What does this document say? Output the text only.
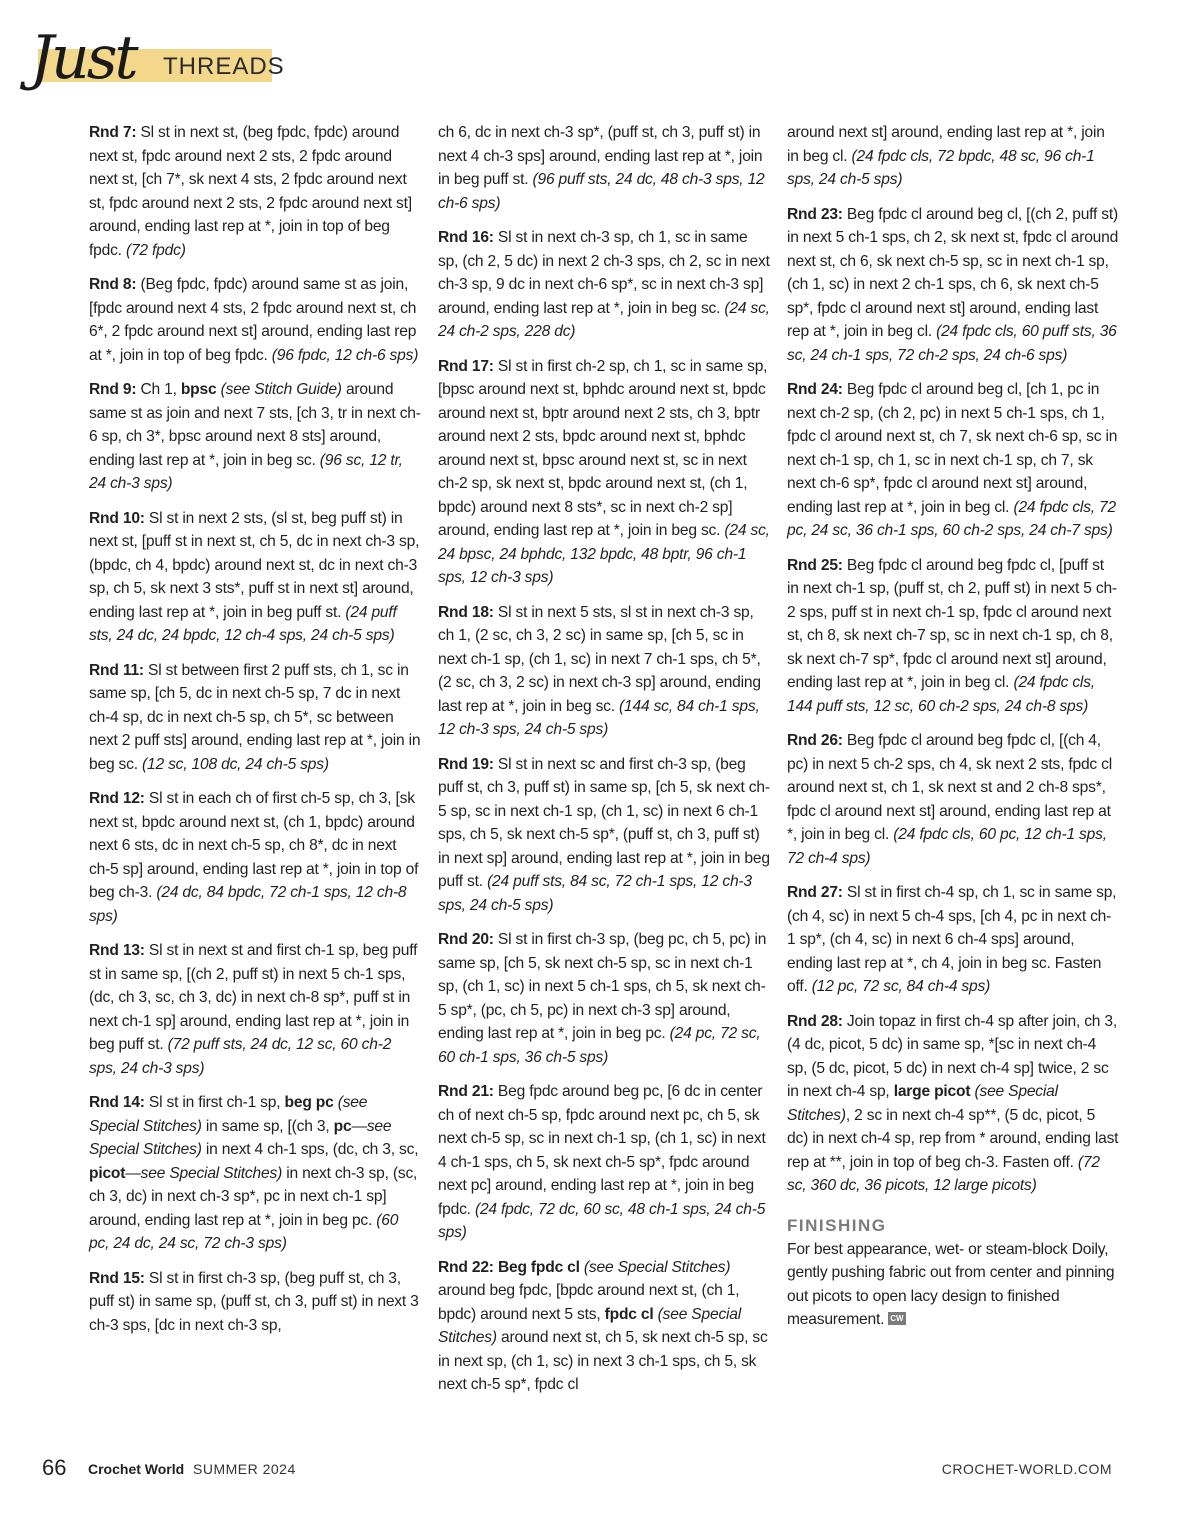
Just THREADS

Rnd 7: Sl st in next st, (beg fpdc, fpdc) around next st, fpdc around next 2 sts, 2 fpdc around next st, [ch 7*, sk next 4 sts, 2 fpdc around next st, fpdc around next 2 sts, 2 fpdc around next st] around, ending last rep at *, join in top of beg fpdc. (72 fpdc)

Rnd 8: (Beg fpdc, fpdc) around same st as join, [fpdc around next 4 sts, 2 fpdc around next st, ch 6*, 2 fpdc around next st] around, ending last rep at *, join in top of beg fpdc. (96 fpdc, 12 ch-6 sps)

Rnd 9: Ch 1, bpsc (see Stitch Guide) around same st as join and next 7 sts, [ch 3, tr in next ch-6 sp, ch 3*, bpsc around next 8 sts] around, ending last rep at *, join in beg sc. (96 sc, 12 tr, 24 ch-3 sps)

Rnd 10: Sl st in next 2 sts, (sl st, beg puff st) in next st, [puff st in next st, ch 5, dc in next ch-3 sp, (bpdc, ch 4, bpdc) around next st, dc in next ch-3 sp, ch 5, sk next 3 sts*, puff st in next st] around, ending last rep at *, join in beg puff st. (24 puff sts, 24 dc, 24 bpdc, 12 ch-4 sps, 24 ch-5 sps)

Rnd 11: Sl st between first 2 puff sts, ch 1, sc in same sp, [ch 5, dc in next ch-5 sp, 7 dc in next ch-4 sp, dc in next ch-5 sp, ch 5*, sc between next 2 puff sts] around, ending last rep at *, join in beg sc. (12 sc, 108 dc, 24 ch-5 sps)

Rnd 12: Sl st in each ch of first ch-5 sp, ch 3, [sk next st, bpdc around next st, (ch 1, bpdc) around next 6 sts, dc in next ch-5 sp, ch 8*, dc in next ch-5 sp] around, ending last rep at *, join in top of beg ch-3. (24 dc, 84 bpdc, 72 ch-1 sps, 12 ch-8 sps)

Rnd 13: Sl st in next st and first ch-1 sp, beg puff st in same sp, [(ch 2, puff st) in next 5 ch-1 sps, (dc, ch 3, sc, ch 3, dc) in next ch-8 sp*, puff st in next ch-1 sp] around, ending last rep at *, join in beg puff st. (72 puff sts, 24 dc, 12 sc, 60 ch-2 sps, 24 ch-3 sps)

Rnd 14: Sl st in first ch-1 sp, beg pc (see Special Stitches) in same sp, [(ch 3, pc—see Special Stitches) in next 4 ch-1 sps, (dc, ch 3, sc, picot—see Special Stitches) in next ch-3 sp, (sc, ch 3, dc) in next ch-3 sp*, pc in next ch-1 sp] around, ending last rep at *, join in beg pc. (60 pc, 24 dc, 24 sc, 72 ch-3 sps)

Rnd 15: Sl st in first ch-3 sp, (beg puff st, ch 3, puff st) in same sp, (puff st, ch 3, puff st) in next 3 ch-3 sps, [dc in next ch-3 sp,

ch 6, dc in next ch-3 sp*, (puff st, ch 3, puff st) in next 4 ch-3 sps] around, ending last rep at *, join in beg puff st. (96 puff sts, 24 dc, 48 ch-3 sps, 12 ch-6 sps)

Rnd 16: Sl st in next ch-3 sp, ch 1, sc in same sp, (ch 2, 5 dc) in next 2 ch-3 sps, ch 2, sc in next ch-3 sp, 9 dc in next ch-6 sp*, sc in next ch-3 sp] around, ending last rep at *, join in beg sc. (24 sc, 24 ch-2 sps, 228 dc)

Rnd 17: Sl st in first ch-2 sp, ch 1, sc in same sp, [bpsc around next st, bphdc around next st, bpdc around next st, bptr around next 2 sts, ch 3, bptr around next 2 sts, bpdc around next st, bphdc around next st, bpsc around next st, sc in next ch-2 sp, sk next st, bpdc around next st, (ch 1, bpdc) around next 8 sts*, sc in next ch-2 sp] around, ending last rep at *, join in beg sc. (24 sc, 24 bpsc, 24 bphdc, 132 bpdc, 48 bptr, 96 ch-1 sps, 12 ch-3 sps)

Rnd 18: Sl st in next 5 sts, sl st in next ch-3 sp, ch 1, (2 sc, ch 3, 2 sc) in same sp, [ch 5, sc in next ch-1 sp, (ch 1, sc) in next 7 ch-1 sps, ch 5*, (2 sc, ch 3, 2 sc) in next ch-3 sp] around, ending last rep at *, join in beg sc. (144 sc, 84 ch-1 sps, 12 ch-3 sps, 24 ch-5 sps)

Rnd 19: Sl st in next sc and first ch-3 sp, (beg puff st, ch 3, puff st) in same sp, [ch 5, sk next ch-5 sp, sc in next ch-1 sp, (ch 1, sc) in next 6 ch-1 sps, ch 5, sk next ch-5 sp*, (puff st, ch 3, puff st) in next sp] around, ending last rep at *, join in beg puff st. (24 puff sts, 84 sc, 72 ch-1 sps, 12 ch-3 sps, 24 ch-5 sps)

Rnd 20: Sl st in first ch-3 sp, (beg pc, ch 5, pc) in same sp, [ch 5, sk next ch-5 sp, sc in next ch-1 sp, (ch 1, sc) in next 5 ch-1 sps, ch 5, sk next ch-5 sp*, (pc, ch 5, pc) in next ch-3 sp] around, ending last rep at *, join in beg pc. (24 pc, 72 sc, 60 ch-1 sps, 36 ch-5 sps)

Rnd 21: Beg fpdc around beg pc, [6 dc in center ch of next ch-5 sp, fpdc around next pc, ch 5, sk next ch-5 sp, sc in next ch-1 sp, (ch 1, sc) in next 4 ch-1 sps, ch 5, sk next ch-5 sp*, fpdc around next pc] around, ending last rep at *, join in beg fpdc. (24 fpdc, 72 dc, 60 sc, 48 ch-1 sps, 24 ch-5 sps)

Rnd 22: Beg fpdc cl (see Special Stitches) around beg fpdc, [bpdc around next st, (ch 1, bpdc) around next 5 sts, fpdc cl (see Special Stitches) around next st, ch 5, sk next ch-5 sp, sc in next sp, (ch 1, sc) in next 3 ch-1 sps, ch 5, sk next ch-5 sp*, fpdc cl

around next st] around, ending last rep at *, join in beg cl. (24 fpdc cls, 72 bpdc, 48 sc, 96 ch-1 sps, 24 ch-5 sps)

Rnd 23: Beg fpdc cl around beg cl, [(ch 2, puff st) in next 5 ch-1 sps, ch 2, sk next st, fpdc cl around next st, ch 6, sk next ch-5 sp, sc in next ch-1 sp, (ch 1, sc) in next 2 ch-1 sps, ch 6, sk next ch-5 sp*, fpdc cl around next st] around, ending last rep at *, join in beg cl. (24 fpdc cls, 60 puff sts, 36 sc, 24 ch-1 sps, 72 ch-2 sps, 24 ch-6 sps)

Rnd 24: Beg fpdc cl around beg cl, [ch 1, pc in next ch-2 sp, (ch 2, pc) in next 5 ch-1 sps, ch 1, fpdc cl around next st, ch 7, sk next ch-6 sp, sc in next ch-1 sp, ch 1, sc in next ch-1 sp, ch 7, sk next ch-6 sp*, fpdc cl around next st] around, ending last rep at *, join in beg cl. (24 fpdc cls, 72 pc, 24 sc, 36 ch-1 sps, 60 ch-2 sps, 24 ch-7 sps)

Rnd 25: Beg fpdc cl around beg fpdc cl, [puff st in next ch-1 sp, (puff st, ch 2, puff st) in next 5 ch-2 sps, puff st in next ch-1 sp, fpdc cl around next st, ch 8, sk next ch-7 sp, sc in next ch-1 sp, ch 8, sk next ch-7 sp*, fpdc cl around next st] around, ending last rep at *, join in beg cl. (24 fpdc cls, 144 puff sts, 12 sc, 60 ch-2 sps, 24 ch-8 sps)

Rnd 26: Beg fpdc cl around beg fpdc cl, [(ch 4, pc) in next 5 ch-2 sps, ch 4, sk next 2 sts, fpdc cl around next st, ch 1, sk next st and 2 ch-8 sps*, fpdc cl around next st] around, ending last rep at *, join in beg cl. (24 fpdc cls, 60 pc, 12 ch-1 sps, 72 ch-4 sps)

Rnd 27: Sl st in first ch-4 sp, ch 1, sc in same sp, (ch 4, sc) in next 5 ch-4 sps, [ch 4, pc in next ch-1 sp*, (ch 4, sc) in next 6 ch-4 sps] around, ending last rep at *, ch 4, join in beg sc. Fasten off. (12 pc, 72 sc, 84 ch-4 sps)

Rnd 28: Join topaz in first ch-4 sp after join, ch 3, (4 dc, picot, 5 dc) in same sp, *[sc in next ch-4 sp, (5 dc, picot, 5 dc) in next ch-4 sp] twice, 2 sc in next ch-4 sp, large picot (see Special Stitches), 2 sc in next ch-4 sp**, (5 dc, picot, 5 dc) in next ch-4 sp, rep from * around, ending last rep at **, join in top of beg ch-3. Fasten off. (72 sc, 360 dc, 36 picots, 12 large picots)

FINISHING
For best appearance, wet- or steam-block Doily, gently pushing fabric out from center and pinning out picots to open lacy design to finished measurement. CW
66 Crochet World SUMMER 2024	CROCHET-WORLD.COM
